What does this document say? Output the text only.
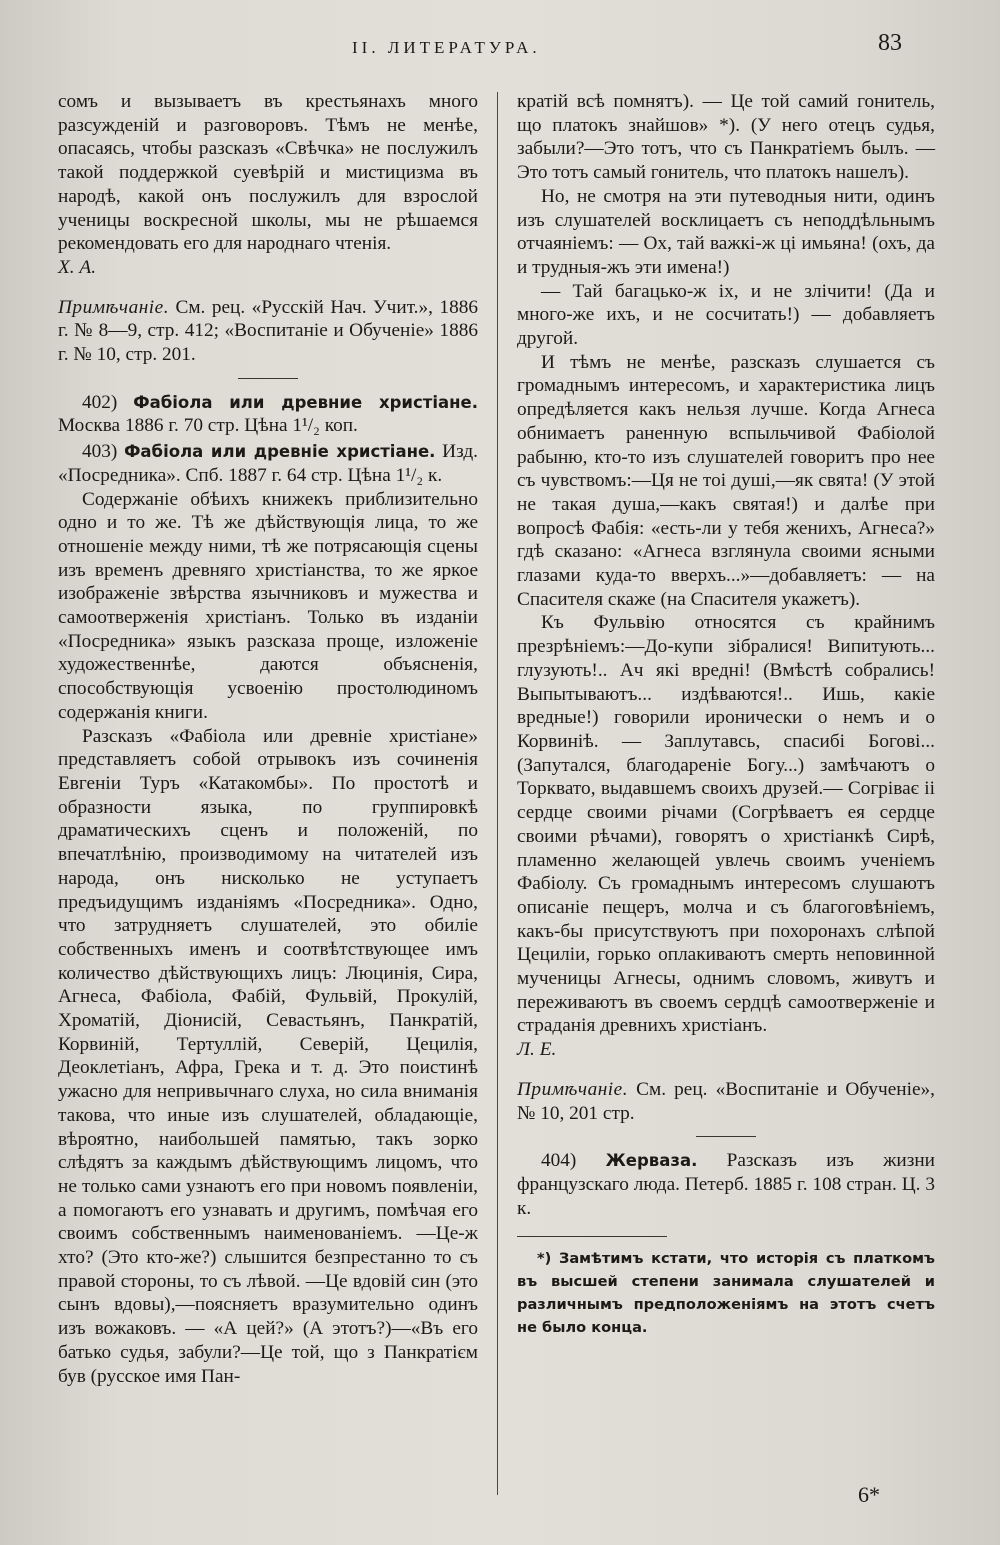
II. ЛИТЕРАТУРА.	83

сомъ и вызываетъ въ крестьянахъ много разсужденій и разговоровъ. Тѣмъ не менѣе, опасаясь, чтобы разсказъ «Свѣчка» не послужилъ такой поддержкой суевѣрій и мистицизма въ народѣ, какой онъ послужилъ для взрослой ученицы воскресной школы, мы не рѣшаемся рекомендовать его для народнаго чтенія.

Х. А.

Примѣчаніе. См. рец. «Русскій Нач. Учит.», 1886 г. № 8—9, стр. 412; «Воспитаніе и Обученіе» 1886 г. № 10, стр. 201.

402) Фабіола или древние христіане. Москва 1886 г. 70 стр. Цѣна 1¹/₂ коп.

403) Фабіола или древніе христiане. Изд. «Посредника». Спб. 1887 г. 64 стр. Цѣна 1¹/₂ к.

Содержаніе обѣихъ книжекъ приблизительно одно и то же. Тѣ же дѣйствующія лица, то же отношеніе между ними, тѣ же потрясающія сцены изъ временъ древняго христіанства, то же яркое изображеніе звѣрства язычниковъ и мужества и самоотверженія христіанъ. Только въ изданіи «Посредника» языкъ разсказа проще, изложеніе художественнѣе, даются объясненія, способствующія усвоенію простолюдиномъ содержанія книги.

Разсказъ «Фабіола или древніе христiане» представляетъ собой отрывокъ изъ сочиненія Евгеніи Туръ «Катакомбы». По простотѣ и образности языка, по группировкѣ драматическихъ сценъ и положеній, по впечатлѣнію, производимому на читателей изъ народа, онъ нисколько не уступаетъ предъидущимъ изданіямъ «Посредника». Одно, что затрудняетъ слушателей, это обиліе собственныхъ именъ и соотвѣтствующее имъ количество дѣйствующихъ лицъ: Люцинія, Сира, Агнеса, Фабіола, Фабій, Фульвій, Прокулій, Хроматій, Діонисій, Севастьянъ, Панкратій, Корвиній, Тертуллій, Северій, Цецилія, Деоклетіанъ, Афра, Грека и т. д. Это поистинѣ ужасно для непривычнаго слуха, но сила вниманія такова, что иные изъ слушателей, обладающіе, вѣроятно, наибольшей памятью, такъ зорко слѣдятъ за каждымъ дѣйствующимъ лицомъ, что не только сами узнаютъ его при новомъ появленіи, а помогаютъ его узнавать и другимъ, помѣчая его своимъ собственнымъ наименованіемъ. —Це-ж хто? (Это кто-же?) слышится безпрестанно то съ правой стороны, то съ лѣвой. —Це вдовій син (это сынъ вдовы),—поясняетъ вразумительно одинъ изъ вожаковъ. — «А цей?» (А этотъ?)—«Въ его батько судья, забули?—Це той, що з Панкратієм був (русское имя Пан-

кратій всѣ помнятъ). — Це той самий гонитель, що платокъ знайшов» *). (У него отецъ судья, забыли?—Это тотъ, что съ Панкратіемъ былъ. — Это тотъ самый гонитель, что платокъ нашелъ).

Но, не смотря на эти путеводныя нити, одинъ изъ слушателей восклицаетъ съ неподдѣльнымъ отчаяніемъ: — Ох, тай важкі-ж ці имьяна! (охъ, да и трудныя-жъ эти имена!)

— Тай багацько-ж іх, и не злічити! (Да и много-же ихъ, и не сосчитать!) — добавляетъ другой.

И тѣмъ не менѣе, разсказъ слушается съ громаднымъ интересомъ, и характеристика лицъ опредѣляется какъ нельзя лучше. Когда Агнеса обнимаетъ раненную вспыльчивой Фабіолой рабыню, кто-то изъ слушателей говоритъ про нее съ чувствомъ:—Ця не тоі душі,—як свята! (У этой не такая душа,—какъ святая!) и далѣе при вопросѣ Фабія: «есть-ли у тебя женихъ, Агнеса?» гдѣ сказано: «Агнеса взглянула своими ясными глазами куда-то вверхъ...»—добавляетъ: — на Спасителя скаже (на Спасителя укажетъ).

Къ Фульвію относятся съ крайнимъ презрѣніемъ:—До-купи зібралися! Випитують... глузують!.. Ач які вредні! (Вмѣстѣ собрались! Выпытываютъ... издѣваются!.. Ишь, какіе вредные!) говорили иронически о немъ и о Корвиніѣ. — Заплутавсь, спасибі Богові... (Запутался, благодареніе Богу...) замѣчаютъ о Торквато, выдавшемъ своихъ друзей.— Согріває іі сердце своими річами (Согрѣваетъ ея сердце своими рѣчами), говорятъ о христіанкѣ Сирѣ, пламенно желающей увлечь своимъ ученіемъ Фабіолу. Съ громаднымъ интересомъ слушаютъ описаніе пещеръ, молча и съ благоговѣніемъ, какъ-бы присутствуютъ при похоронахъ слѣпой Цециліи, горько оплакиваютъ смерть неповинной мученицы Агнесы, однимъ словомъ, живутъ и переживаютъ въ своемъ сердцѣ самоотверженіе и страданія древнихъ христіанъ.

Л. Е.

Примѣчаніе. См. рец. «Воспитаніе и Обученіе», № 10, 201 стр.

404) Жерваза. Разсказъ изъ жизни французскаго люда. Петерб. 1885 г. 108 стран. Ц. 3 к.

*) Замѣтимъ кстати, что исторія съ платкомъ въ высшей степени занимала слушателей и различнымъ предположеніямъ на этотъ счетъ не было конца.

6*
